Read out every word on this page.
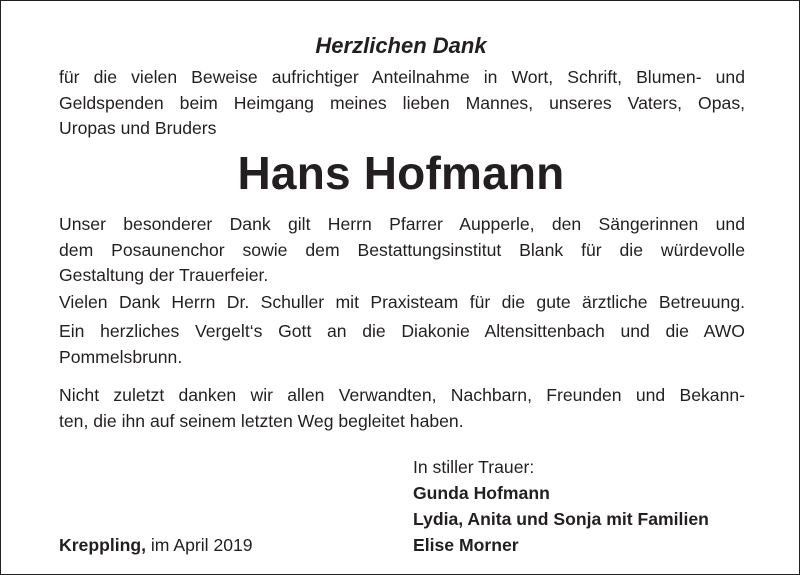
Herzlichen Dank
für die vielen Beweise aufrichtiger Anteilnahme in Wort, Schrift, Blumen- und
Geldspenden beim Heimgang meines lieben Mannes, unseres Vaters, Opas,
Uropas und Bruders
Hans Hofmann
Unser besonderer Dank gilt Herrn Pfarrer Aupperle, den Sängerinnen und
dem Posaunenchor sowie dem Bestattungsinstitut Blank für die würdevolle
Gestaltung der Trauerfeier.
Vielen Dank Herrn Dr. Schuller mit Praxisteam für die gute ärztliche Betreuung.
Ein herzliches Vergelt‘s Gott an die Diakonie Altensittenbach und die AWO
Pommelsbrunn.
Nicht zuletzt danken wir allen Verwandten, Nachbarn, Freunden und Bekann-
ten, die ihn auf seinem letzten Weg begleitet haben.
Kreppling, im April 2019
In stiller Trauer:
Gunda Hofmann
Lydia, Anita und Sonja mit Familien
Elise Morner
